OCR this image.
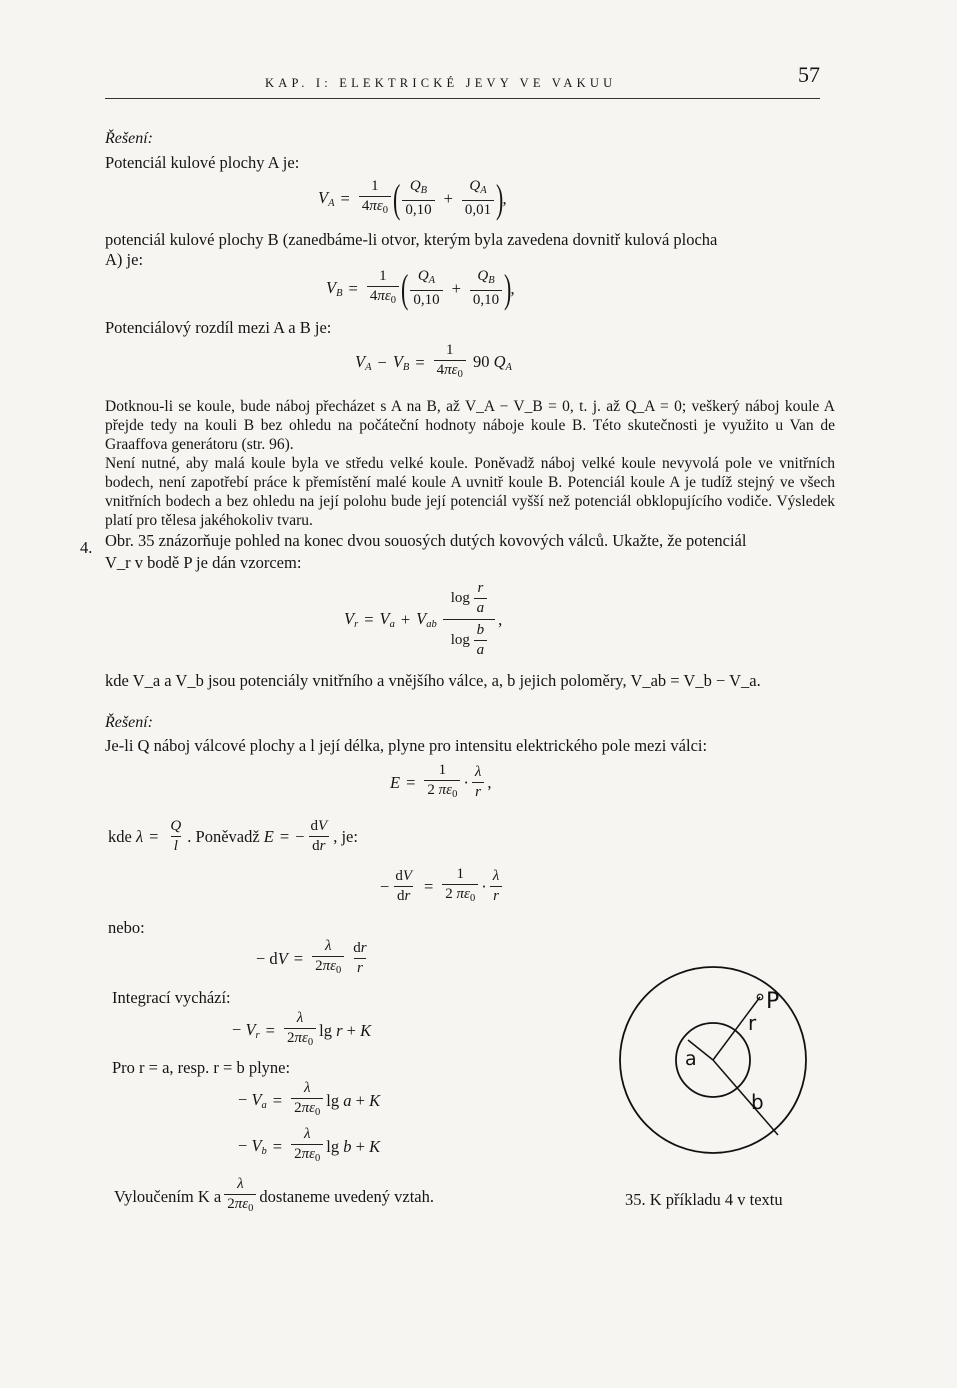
KAP. I: ELEKTRICKÉ JEVY VE VAKUU	57
Řešení:
Potenciál kulové plochy A je:
$V_A = \frac{1}{4\pi\varepsilon_0}$ ( $\frac{Q_B}{0,10} + \frac{Q_A}{0,01}$ )
,
potenciál kulové plochy B (zanedbáme-li otvor, kterým byla zavedena dovnitř kulová plocha
A) je:
$V_B = \frac{1}{4\pi\varepsilon_0}$ ( $\frac{Q_A}{0,10} + \frac{Q_B}{0,10}$ )
,
Potenciálový rozdíl mezi A a B je:
$V_A - V_B = \frac{1}{4\pi\varepsilon_0} 90$ $Q_A$

Dotknou-li se koule, bude náboj přecházet s A na B, až V_A − V_B = 0, t. j. až Q_A = 0; veškerý náboj koule A přejde tedy na kouli B bez ohledu na počáteční hodnoty náboje koule B. Této skutečnosti je využito u Van de Graaffova generátoru (str. 96).

Není nutné, aby malá koule byla ve středu velké koule. Poněvadž náboj velké koule nevyvolá pole ve vnitřních bodech, není zapotřebí práce k přemístění malé koule A uvnitř koule B. Potenciál koule A je tudíž stejný ve všech vnitřních bodech a bez ohledu na její polohu bude její potenciál vyšší než potenciál obklopujícího vodiče. Výsledek platí pro tělesa jakéhokoliv tvaru.

4. Obr. 35 znázorňuje pohled na konec dvou souosých dutých kovových válců. Ukažte, že potenciál
V_r v bodě P je dán vzorcem:
$V_r = V_a + V_{ab} \frac{\log \frac{r}{a}}{\log \frac{b}{a}}$ ,
kde V_a a V_b jsou potenciály vnitřního a vnějšího válce, a, b jejich poloměry, V_ab = V_b − V_a.
Řešení:
Je-li Q náboj válcové plochy a l její délka, plyne pro intensitu elektrického pole mezi válci:
$E = \frac{1}{2 \pi\varepsilon_0} \cdot \frac{\lambda}{r}$ ,
kde
$\lambda = \frac{Q}{l}$ . Poněvadž
E = − $\frac{dV}{dr}$ , je:
− $\frac{dV}{dr} = \frac{1}{2 \pi\varepsilon_0} \cdot \frac{\lambda}{r}$
nebo:
− dV = $\frac{\lambda}{2\pi\varepsilon_0} \frac{dr}{r}$
Integrací vychází:
− $V_r = \frac{\lambda}{2\pi\varepsilon_0}$ lg r + K
Pro r = a, resp. r = b plyne:
− $V_a = \frac{\lambda}{2\pi\varepsilon_0}$ lg a + K
− $V_b = \frac{\lambda}{2\pi\varepsilon_0}$ lg b + K
Vyloučením K a $\frac{\lambda}{2\pi\varepsilon_0}$ dostaneme uvedený vztah.
P
r
a
b
35. K příkladu 4 v textu
